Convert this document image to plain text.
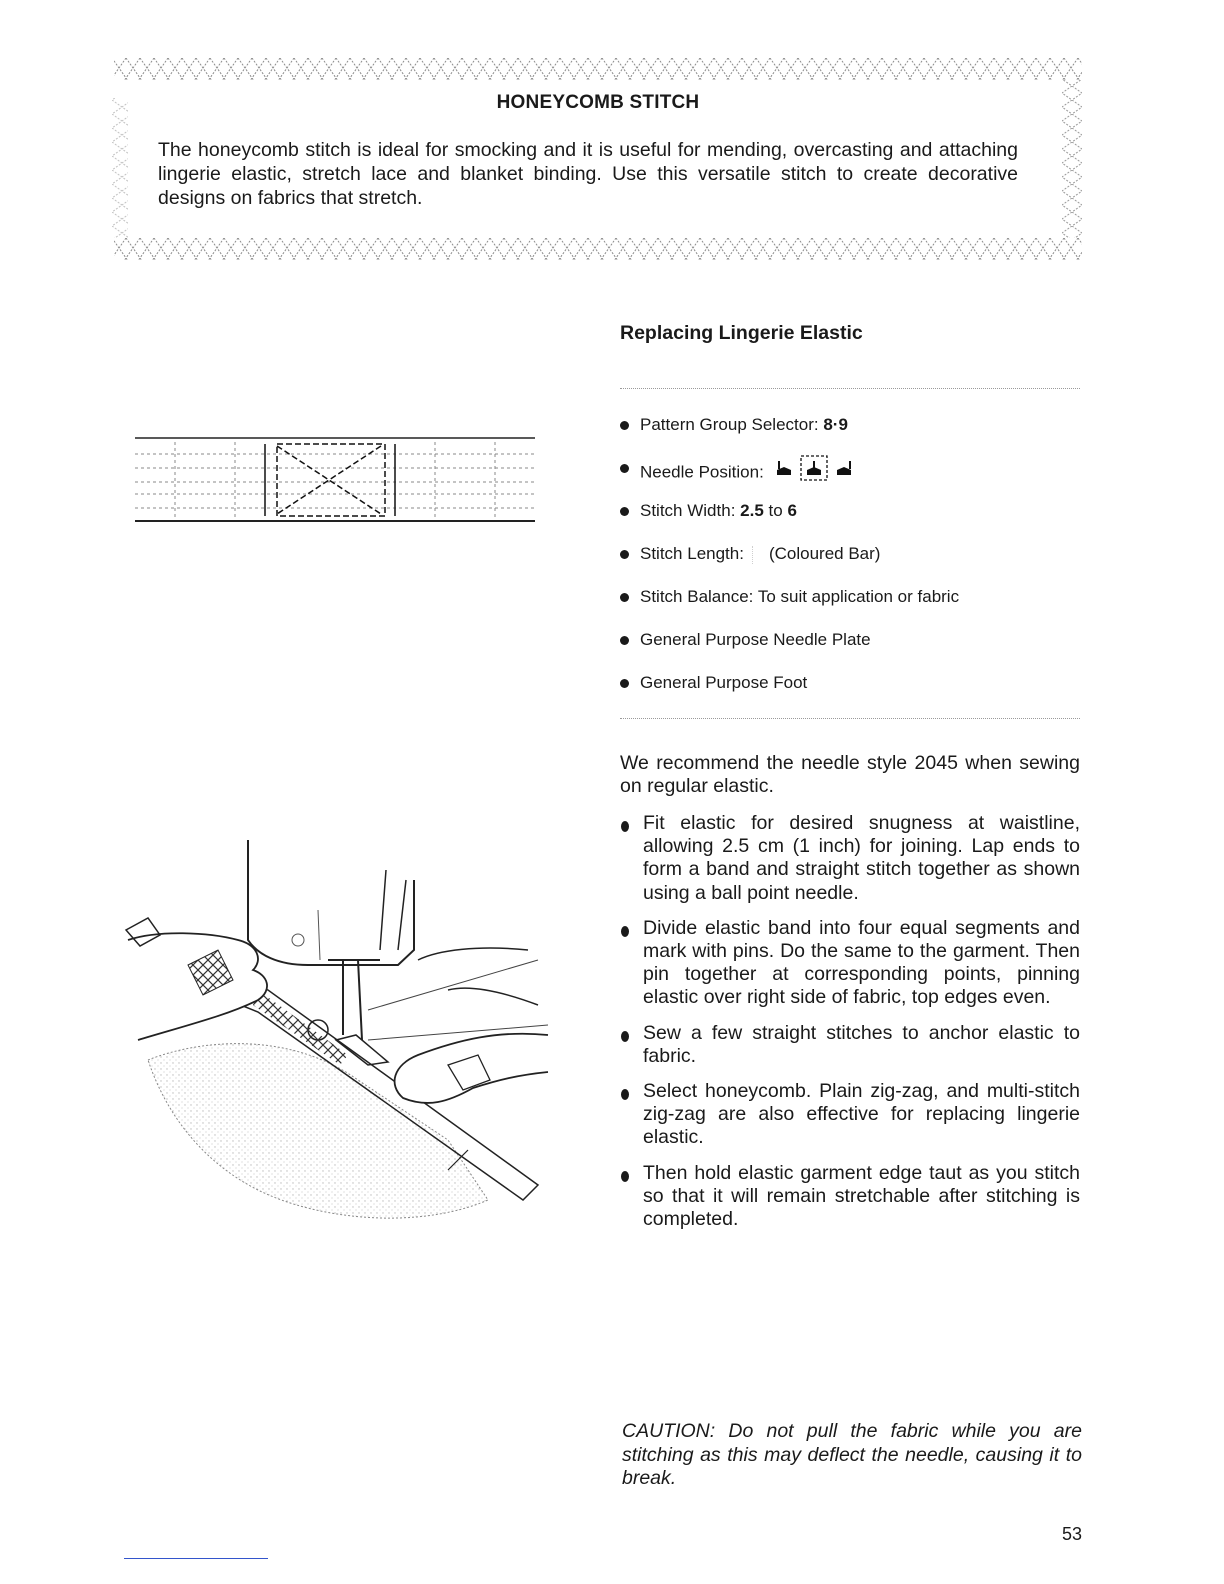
HONEYCOMB STITCH
The honeycomb stitch is ideal for smocking and it is useful for mending, overcasting and attaching lingerie elastic, stretch lace and blanket binding. Use this versatile stitch to create decorative designs on fabrics that stretch.
Replacing Lingerie Elastic
Pattern Group Selector: 8·9
Needle Position:
Stitch Width: 2.5 to 6
Stitch Length: (Coloured Bar)
Stitch Balance: To suit application or fabric
General Purpose Needle Plate
General Purpose Foot
We recommend the needle style 2045 when sewing on regular elastic.
Fit elastic for desired snugness at waistline, allowing 2.5 cm (1 inch) for joining. Lap ends to form a band and straight stitch together as shown using a ball point needle.
Divide elastic band into four equal segments and mark with pins. Do the same to the garment. Then pin together at corresponding points, pinning elastic over right side of fabric, top edges even.
Sew a few straight stitches to anchor elastic to fabric.
Select honeycomb. Plain zig-zag, and multi-stitch zig-zag are also effective for replacing lingerie elastic.
Then hold elastic garment edge taut as you stitch so that it will remain stretchable after stitching is completed.
CAUTION: Do not pull the fabric while you are stitching as this may deflect the needle, causing it to break.
53
